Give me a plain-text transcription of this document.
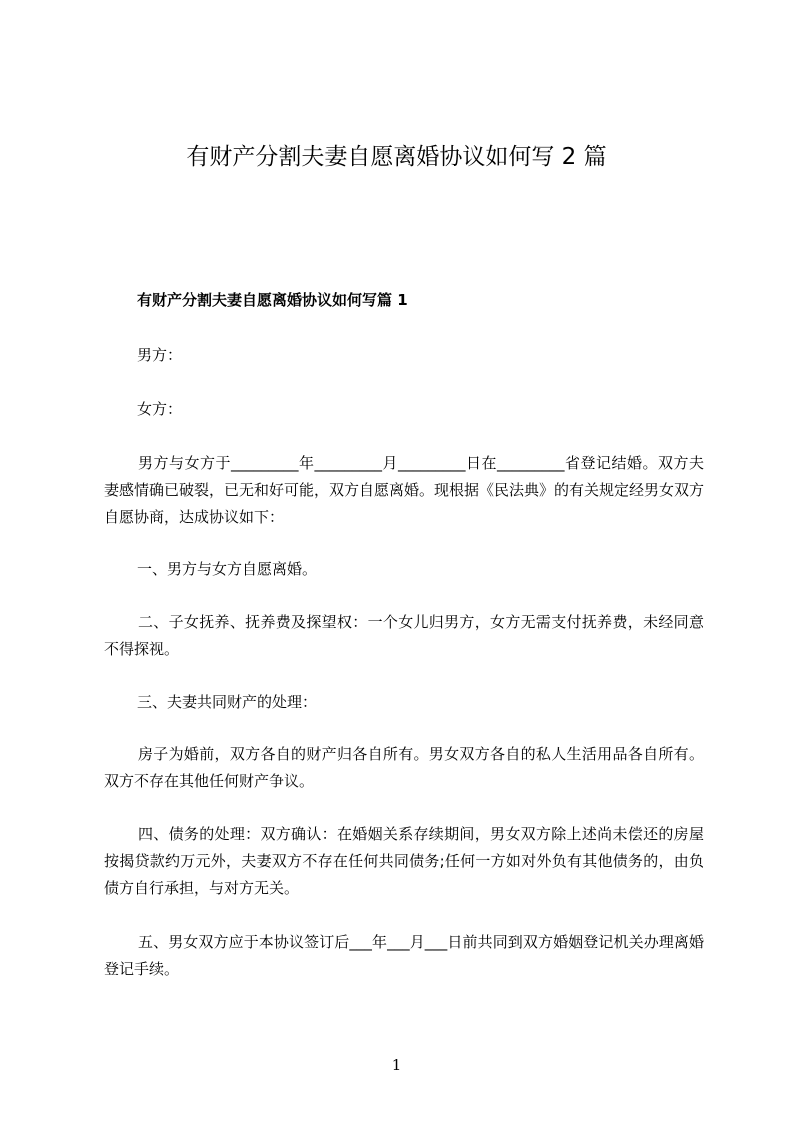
有财产分割夫妻自愿离婚协议如何写 2 篇
有财产分割夫妻自愿离婚协议如何写篇 1

男方：

女方：

男方与女方于_________年_________月_________日在_________省登记结婚。双方夫妻感情确已破裂，已无和好可能，双方自愿离婚。现根据《民法典》的有关规定经男女双方自愿协商，达成协议如下：

一、男方与女方自愿离婚。

二、子女抚养、抚养费及探望权：一个女儿归男方，女方无需支付抚养费，未经同意不得探视。

三、夫妻共同财产的处理：

房子为婚前，双方各自的财产归各自所有。男女双方各自的私人生活用品各自所有。双方不存在其他任何财产争议。

四、债务的处理：双方确认：在婚姻关系存续期间，男女双方除上述尚未偿还的房屋按揭贷款约万元外，夫妻双方不存在任何共同债务;任何一方如对外负有其他债务的，由负债方自行承担，与对方无关。

五、男女双方应于本协议签订后___年___月___日前共同到双方婚姻登记机关办理离婚登记手续。

1
